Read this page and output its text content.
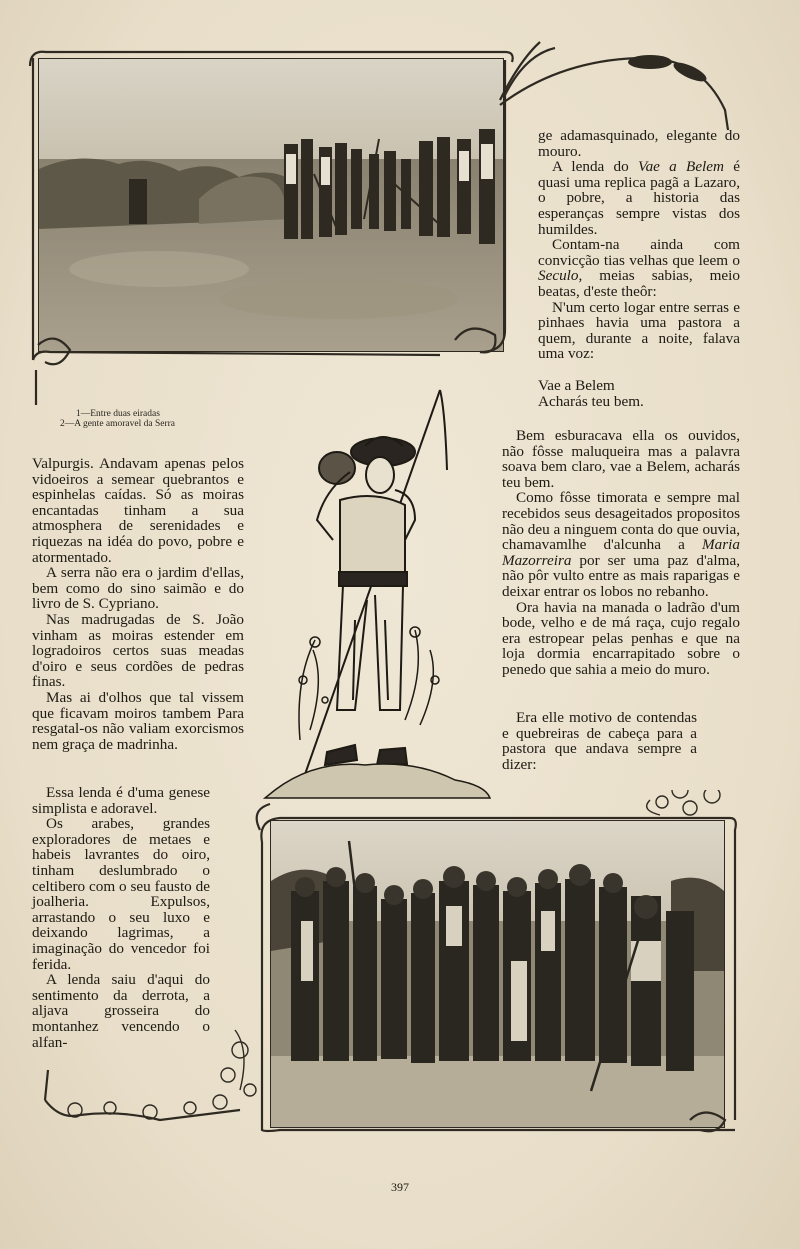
1—Entre duas eiradas
2—A gente amoravel da Serra

ge adamasquinado, elegante do mouro.

A lenda do Vae a Belem é quasi uma replica pagã a Lazaro, o pobre, a historia das esperanças sempre vistas dos humildes.

Contam-na ainda com convicção tias velhas que leem o Seculo, meias sabias, meio beatas, d'este theôr:

N'um certo logar entre serras e pinhaes havia uma pastora a quem, durante a noite, falava uma voz:

Vae a Belem

Acharás teu bem.

Bem esburacava ella os ouvidos, não fôsse maluqueira mas a palavra soava bem claro, vae a Belem, acharás teu bem.

Como fôsse timorata e sempre mal recebidos seus desageitados propositos não deu a ninguem conta do que ouvia, chamavamlhe d'alcunha a Maria Mazorreira por ser uma paz d'alma, não pôr vulto entre as mais raparigas e deixar entrar os lobos no rebanho.

Ora havia na manada o ladrão d'um bode, velho e de má raça, cujo regalo era estropear pelas penhas e que na loja dormia encarrapitado sobre o penedo que sahia a meio do muro.

Era elle motivo de contendas e quebreiras de cabeça para a pastora que andava sempre a dizer:

Valpurgis. Andavam apenas pelos vidoeiros a semear quebrantos e espinhelas caídas. Só as moiras encantadas tinham a sua atmosphera de serenidades e riquezas na idéa do povo, pobre e atormentado.

A serra não era o jardim d'ellas, bem como do sino saimão e do livro de S. Cypriano.

Nas madrugadas de S. João vinham as moiras estender em logradoiros certos suas meadas d'oiro e seus cordões de pedras finas.

Mas ai d'olhos que tal vissem que ficavam moiros tambem Para resgatal-os não valiam exorcismos nem graça de madrinha.

Essa lenda é d'uma genese simplista e adoravel.

Os arabes, grandes exploradores de metaes e habeis lavrantes do oiro, tinham deslumbrado o celtibero com o seu fausto de joalheria. Expulsos, arrastando o seu luxo e deixando lagrimas, a imaginação do vencedor foi ferida.

A lenda saiu d'aqui do sentimento da derrota, a aljava grosseira do montanhez vencendo o alfan-

397
